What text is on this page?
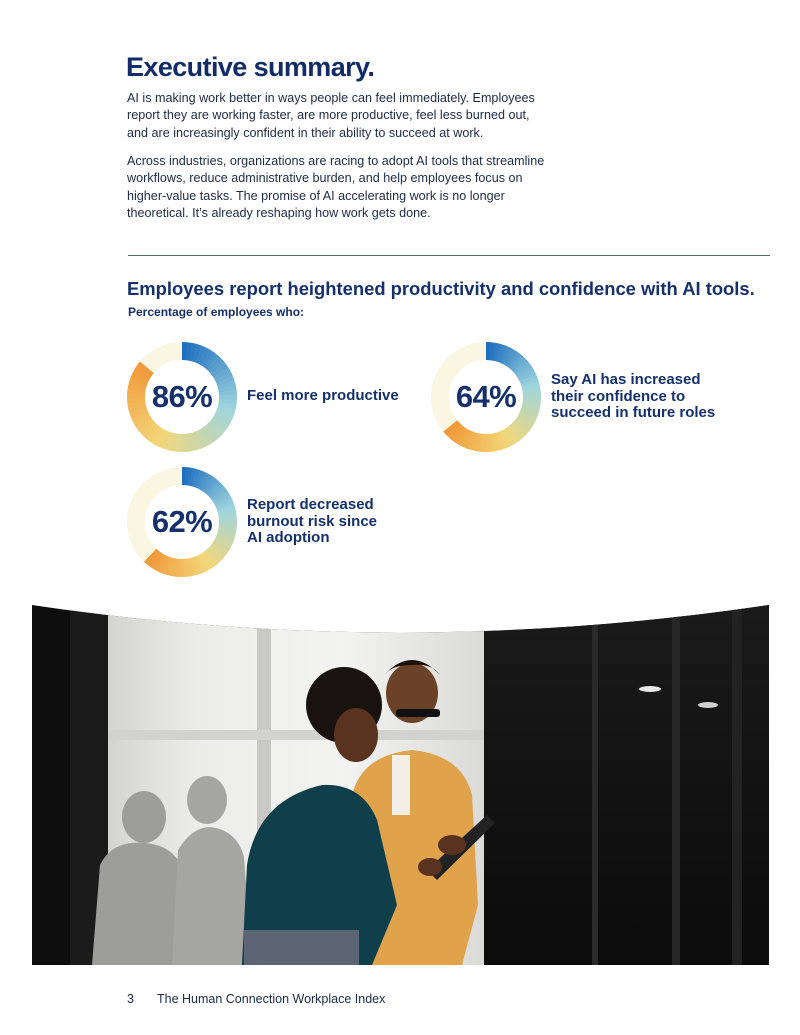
Executive summary.

AI is making work better in ways people can feel immediately. Employees report they are working faster, are more productive, feel less burned out, and are increasingly confident in their ability to succeed at work.

Across industries, organizations are racing to adopt AI tools that streamline workflows, reduce administrative burden, and help employees focus on higher-value tasks. The promise of AI accelerating work is no longer theoretical. It’s already reshaping how work gets done.

Employees report heightened productivity and confidence with AI tools.
Percentage of employees who:
86%	Feel more productive	64%	Say AI has increased their confidence to succeed in future roles
62%	Report decreased burnout risk since AI adoption
3 The Human Connection Workplace Index
